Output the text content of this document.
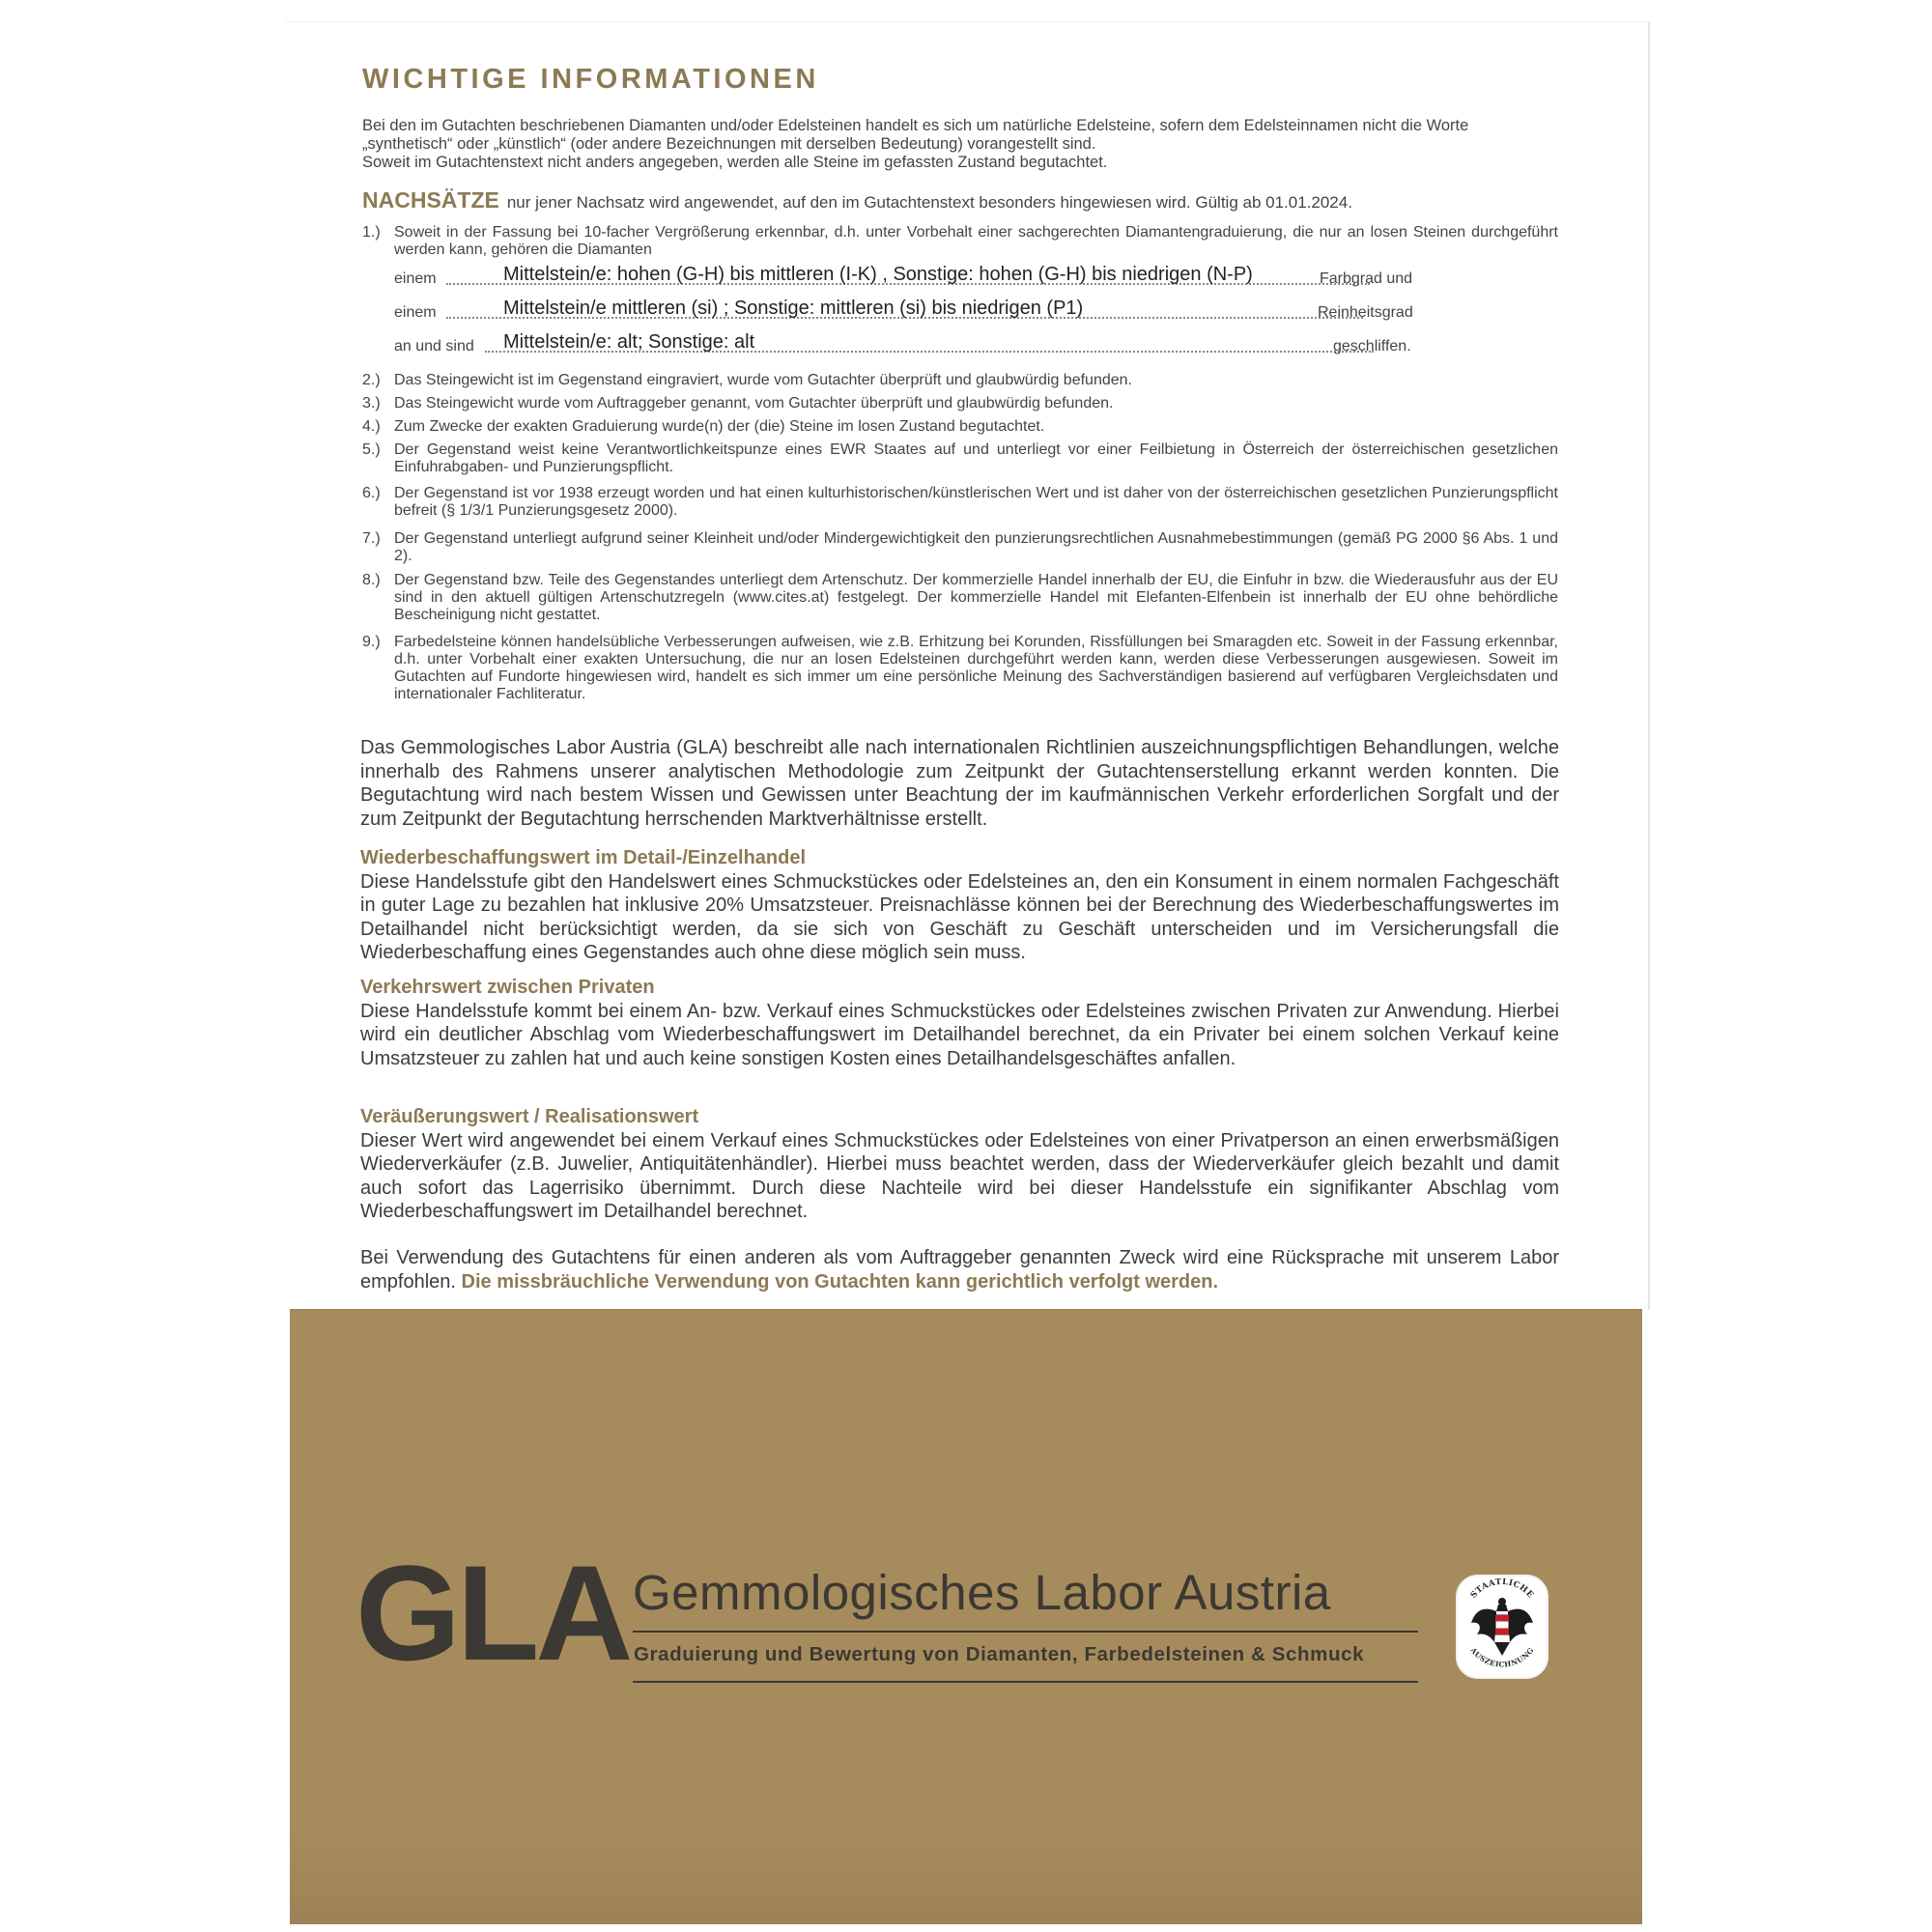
WICHTIGE INFORMATIONEN

Bei den im Gutachten beschriebenen Diamanten und/oder Edelsteinen handelt es sich um natürliche Edelsteine, sofern dem Edelsteinnamen nicht die Worte „synthetisch“ oder „künstlich“ (oder andere Bezeichnungen mit derselben Bedeutung) vorangestellt sind.

Soweit im Gutachtenstext nicht anders angegeben, werden alle Steine im gefassten Zustand begutachtet.

NACHSÄTZE nur jener Nachsatz wird angewendet, auf den im Gutachtenstext besonders hingewiesen wird. Gültig ab 01.01.2024.
1.) Soweit in der Fassung bei 10-facher Vergrößerung erkennbar, d.h. unter Vorbehalt einer sachgerechten Diamantengraduierung, die nur an losen Steinen durchgeführt werden kann, gehören die Diamanten
einem	Mittelstein/e: hohen (G-H) bis mittleren (I-K) , Sonstige: hohen (G-H) bis niedrigen (N-P)	Farbgrad und
einem	Mittelstein/e mittleren (si) ; Sonstige: mittleren (si) bis niedrigen (P1)	Reinheitsgrad
an und sind Mittelstein/e: alt; Sonstige: alt	geschliffen.
2.) Das Steingewicht ist im Gegenstand eingraviert, wurde vom Gutachter überprüft und glaubwürdig befunden.
3.) Das Steingewicht wurde vom Auftraggeber genannt, vom Gutachter überprüft und glaubwürdig befunden.
4.) Zum Zwecke der exakten Graduierung wurde(n) der (die) Steine im losen Zustand begutachtet.
5.) Der Gegenstand weist keine Verantwortlichkeitspunze eines EWR Staates auf und unterliegt vor einer Feilbietung in Österreich der österreichischen gesetzlichen Einfuhrabgaben- und Punzierungspflicht.
6.) Der Gegenstand ist vor 1938 erzeugt worden und hat einen kulturhistorischen/künstlerischen Wert und ist daher von der österreichischen gesetzlichen Punzierungspflicht befreit (§ 1/3/1 Punzierungsgesetz 2000).
7.) Der Gegenstand unterliegt aufgrund seiner Kleinheit und/oder Mindergewichtigkeit den punzierungsrechtlichen Ausnahmebestimmungen (gemäß PG 2000 §6 Abs. 1 und 2).
8.) Der Gegenstand bzw. Teile des Gegenstandes unterliegt dem Artenschutz. Der kommerzielle Handel innerhalb der EU, die Einfuhr in bzw. die Wiederausfuhr aus der EU sind in den aktuell gültigen Artenschutzregeln (www.cites.at) festgelegt. Der kommerzielle Handel mit Elefanten-Elfenbein ist innerhalb der EU ohne behördliche Bescheinigung nicht gestattet.
9.) Farbedelsteine können handelsübliche Verbesserungen aufweisen, wie z.B. Erhitzung bei Korunden, Rissfüllungen bei Smaragden etc. Soweit in der Fassung erkennbar, d.h. unter Vorbehalt einer exakten Untersuchung, die nur an losen Edelsteinen durchgeführt werden kann, werden diese Verbesserungen ausgewiesen. Soweit im Gutachten auf Fundorte hingewiesen wird, handelt es sich immer um eine persönliche Meinung des Sachverständigen basierend auf verfügbaren Vergleichsdaten und internationaler Fachliteratur.

Das Gemmologisches Labor Austria (GLA) beschreibt alle nach internationalen Richtlinien auszeichnungspflichtigen Behandlungen, welche innerhalb des Rahmens unserer analytischen Methodologie zum Zeitpunkt der Gutachtenserstellung erkannt werden konnten. Die Begutachtung wird nach bestem Wissen und Gewissen unter Beachtung der im kaufmännischen Verkehr erforderlichen Sorgfalt und der zum Zeitpunkt der Begutachtung herrschenden Marktverhältnisse erstellt.

Wiederbeschaffungswert im Detail-/Einzelhandel

Diese Handelsstufe gibt den Handelswert eines Schmuckstückes oder Edelsteines an, den ein Konsument in einem normalen Fachgeschäft in guter Lage zu bezahlen hat inklusive 20% Umsatzsteuer. Preisnachlässe können bei der Berechnung des Wiederbeschaffungswertes im Detailhandel nicht berücksichtigt werden, da sie sich von Geschäft zu Geschäft unterscheiden und im Versicherungsfall die Wiederbeschaffung eines Gegenstandes auch ohne diese möglich sein muss.

Verkehrswert zwischen Privaten

Diese Handelsstufe kommt bei einem An- bzw. Verkauf eines Schmuckstückes oder Edelsteines zwischen Privaten zur Anwendung. Hierbei wird ein deutlicher Abschlag vom Wiederbeschaffungswert im Detailhandel berechnet, da ein Privater bei einem solchen Verkauf keine Umsatzsteuer zu zahlen hat und auch keine sonstigen Kosten eines Detailhandelsgeschäftes anfallen.

Veräußerungswert / Realisationswert

Dieser Wert wird angewendet bei einem Verkauf eines Schmuckstückes oder Edelsteines von einer Privatperson an einen erwerbsmäßigen Wiederverkäufer (z.B. Juwelier, Antiquitätenhändler). Hierbei muss beachtet werden, dass der Wiederverkäufer gleich bezahlt und damit auch sofort das Lagerrisiko übernimmt. Durch diese Nachteile wird bei dieser Handelsstufe ein signifikanter Abschlag vom Wiederbeschaffungswert im Detailhandel berechnet.

Bei Verwendung des Gutachtens für einen anderen als vom Auftraggeber genannten Zweck wird eine Rücksprache mit unserem Labor empfohlen. Die missbräuchliche Verwendung von Gutachten kann gerichtlich verfolgt werden.

GLA Gemmologisches Labor Austria
Graduierung und Bewertung von Diamanten, Farbedelsteinen & Schmuck
STAATLICHE
AUSZEICHNUNG
